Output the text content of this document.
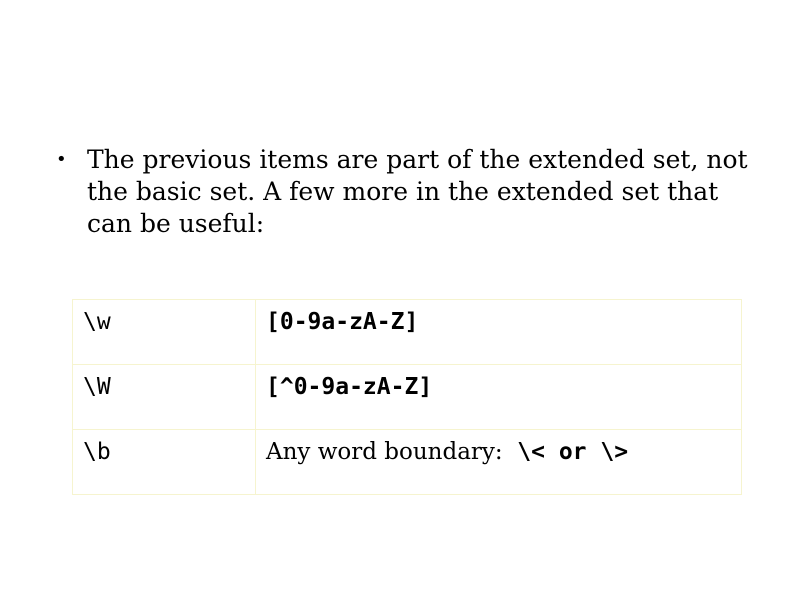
• The previous items are part of the extended set, not the basic set. A few more in the extended set that can be useful:
\w	[0-9a-zA-Z]
\W	[^0-9a-zA-Z]
\b	Any word boundary:  \< or \>
